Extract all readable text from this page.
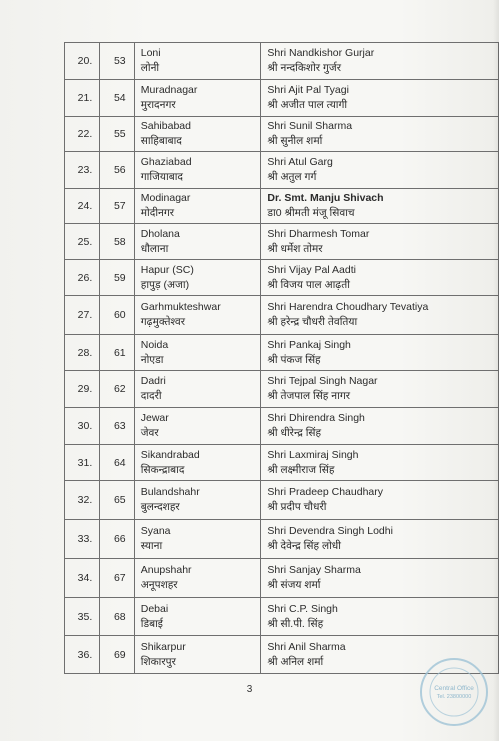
20.	53	Loni
लोनी	Shri Nandkishor Gurjar
श्री नन्दकिशोर गुर्जर

21.	54	Muradnagar
मुरादनगर	Shri Ajit Pal Tyagi
श्री अजीत पाल त्यागी

22.	55	Sahibabad
साहिबाबाद	Shri Sunil Sharma
श्री सुनील शर्मा

23.	56	Ghaziabad
गाजियाबाद	Shri Atul Garg
श्री अतुल गर्ग

24.	57	Modinagar
मोदीनगर	Dr. Smt. Manju Shivach
डा0 श्रीमती मंजू सिवाच

25.	58	Dholana
धौलाना	Shri Dharmesh Tomar
श्री धर्मेश तोमर

26.	59	Hapur (SC)
हापुड़ (अजा)	Shri Vijay Pal Aadti
श्री विजय पाल आढ़ती

27.	60	Garhmukteshwar
गढ़मुक्तेश्वर	Shri Harendra Choudhary Tevatiya
श्री हरेन्द्र चौधरी तेवतिया

28.	61	Noida
नोएडा	Shri Pankaj Singh
श्री पंकज सिंह

29.	62	Dadri
दादरी	Shri Tejpal Singh Nagar
श्री तेजपाल सिंह नागर

30.	63	Jewar
जेवर	Shri Dhirendra Singh
श्री धीरेन्द्र सिंह

31.	64	Sikandrabad
सिकन्द्राबाद	Shri Laxmiraj Singh
श्री लक्ष्मीराज सिंह

32.	65	Bulandshahr
बुलन्दशहर	Shri Pradeep Chaudhary
श्री प्रदीप चौधरी

33.	66	Syana
स्याना	Shri Devendra Singh Lodhi
श्री देवेन्द्र सिंह लोधी

34.	67	Anupshahr
अनूपशहर	Shri Sanjay Sharma
श्री संजय शर्मा

35.	68	Debai
डिबाई	Shri C.P. Singh
श्री सी.पी. सिंह

36.	69	Shikarpur
शिकारपुर	Shri Anil Sharma
श्री अनिल शर्मा
3	Central Office
Tel. 23800000
